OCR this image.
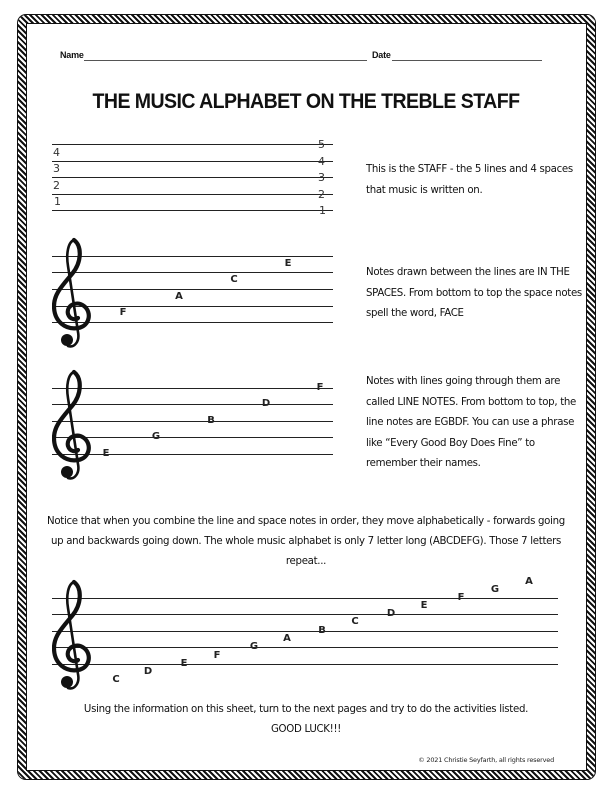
Name	Date
THE MUSIC ALPHABET ON THE TREBLE STAFF
4
3
2
1
5
4
3
2
1
This is the STAFF - the 5 lines and 4 spaces that music is written on.
F
A
C
E
Notes drawn between the lines are IN THE SPACES. From bottom to top the space notes spell the word, FACE
E
G
B
D
F
Notes with lines going through them are called LINE NOTES. From bottom to top, the line notes are EGBDF. You can use a phrase like “Every Good Boy Does Fine” to remember their names.
Notice that when you combine the line and space notes in order, they move alphabetically - forwards going up and backwards going down. The whole music alphabet is only 7 letter long (ABCDEFG). Those 7 letters repeat...
C
D
E
F
G
A
B
C
D
E
F
G
A
Using the information on this sheet, turn to the next pages and try to do the activities listed.
GOOD LUCK!!!
© 2021 Christie Seyfarth, all rights reserved
